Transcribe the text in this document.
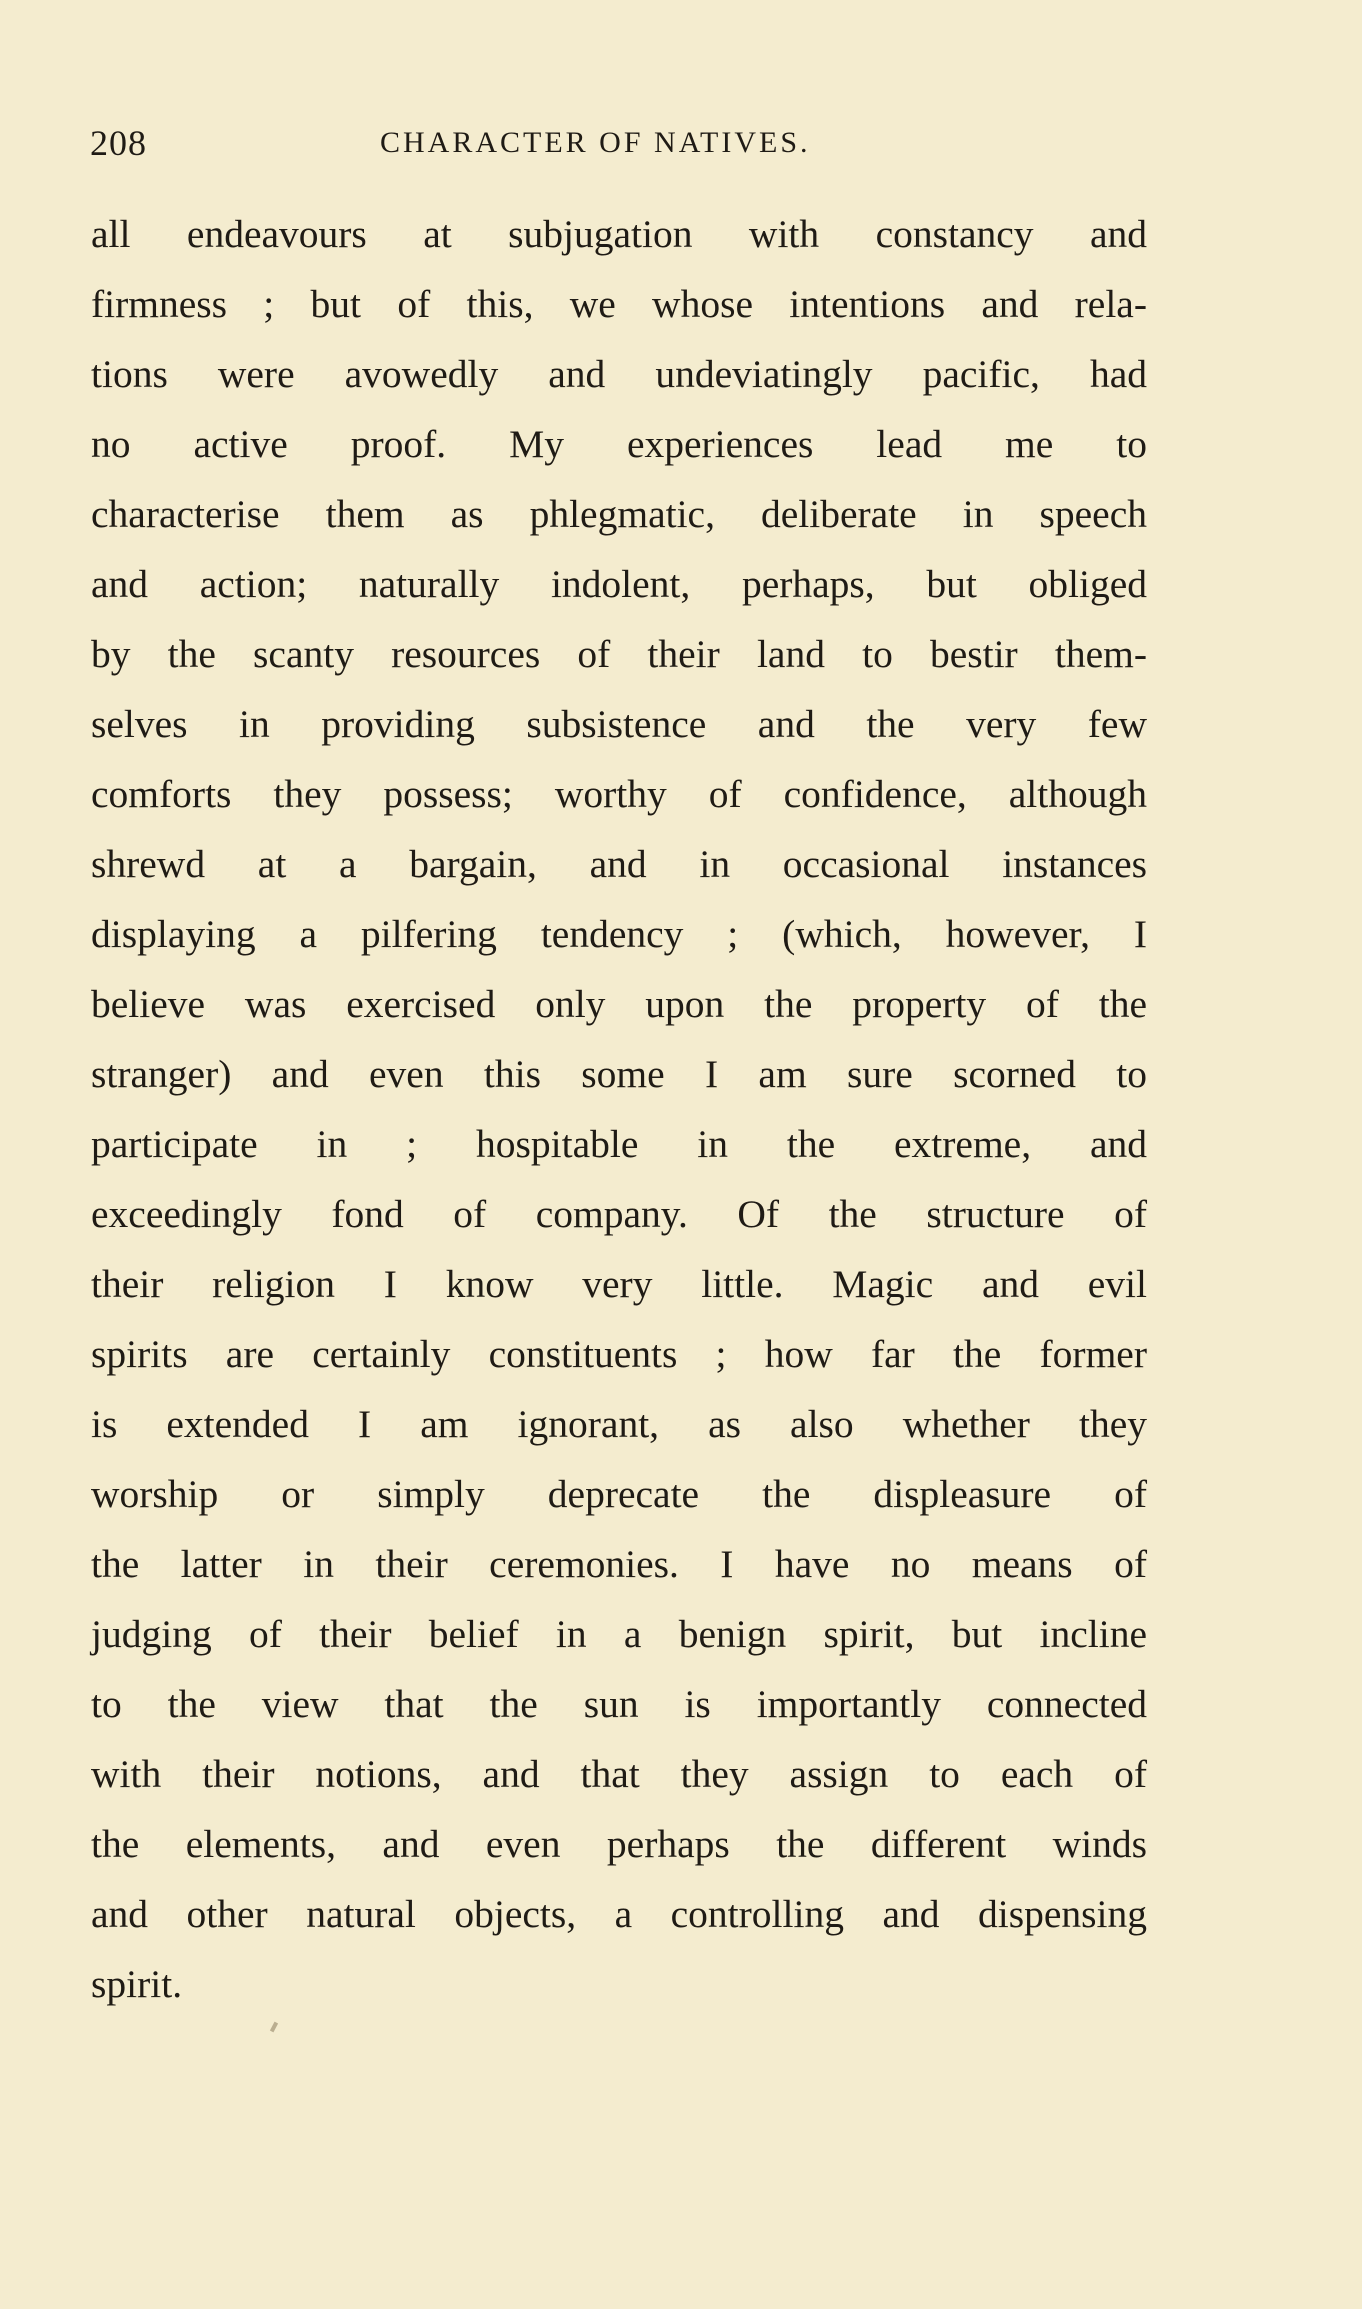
208	CHARACTER OF NATIVES.
all endeavours at subjugation with constancy and
firmness ; but of this, we whose intentions and rela-
tions were avowedly and undeviatingly pacific, had
no active proof. My experiences lead me to
characterise them as phlegmatic, deliberate in speech
and action; naturally indolent, perhaps, but obliged
by the scanty resources of their land to bestir them-
selves in providing subsistence and the very few
comforts they possess; worthy of confidence, although
shrewd at a bargain, and in occasional instances
displaying a pilfering tendency ; (which, however, I
believe was exercised only upon the property of the
stranger) and even this some I am sure scorned to
participate in ; hospitable in the extreme, and
exceedingly fond of company. Of the structure of
their religion I know very little. Magic and evil
spirits are certainly constituents ; how far the former
is extended I am ignorant, as also whether they
worship or simply deprecate the displeasure of
the latter in their ceremonies. I have no means of
judging of their belief in a benign spirit, but incline
to the view that the sun is importantly connected
with their notions, and that they assign to each of
the elements, and even perhaps the different winds
and other natural objects, a controlling and dispensing
spirit.
